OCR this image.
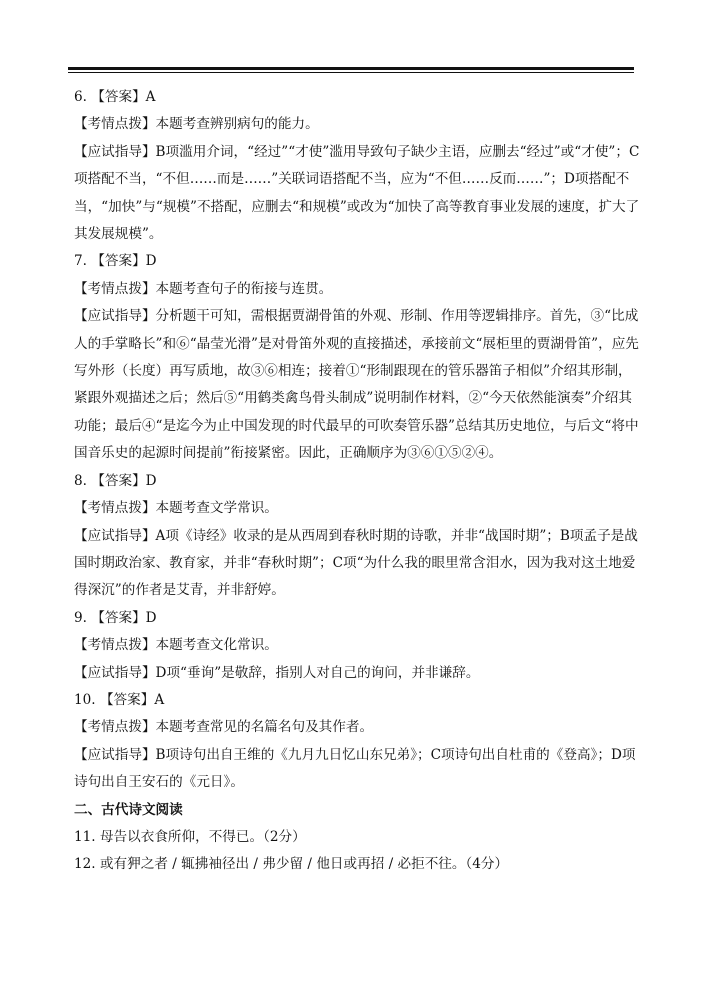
6. 【答案】A

【考情点拨】本题考查辨别病句的能力。

【应试指导】B项滥用介词，“经过”“才使”滥用导致句子缺少主语，应删去“经过”或“才使”；C项搭配不当，“不但……而是……”关联词语搭配不当，应为“不但……反而……”；D项搭配不当，“加快”与“规模”不搭配，应删去“和规模”或改为“加快了高等教育事业发展的速度，扩大了其发展规模”。

7. 【答案】D

【考情点拨】本题考查句子的衔接与连贯。

【应试指导】分析题干可知，需根据贾湖骨笛的外观、形制、作用等逻辑排序。首先，③“比成人的手掌略长”和⑥“晶莹光滑”是对骨笛外观的直接描述，承接前文“展柜里的贾湖骨笛”，应先写外形（长度）再写质地，故③⑥相连；接着①“形制跟现在的管乐器笛子相似”介绍其形制，紧跟外观描述之后；然后⑤“用鹤类禽鸟骨头制成”说明制作材料，②“今天依然能演奏”介绍其功能；最后④“是迄今为止中国发现的时代最早的可吹奏管乐器”总结其历史地位，与后文“将中国音乐史的起源时间提前”衔接紧密。因此，正确顺序为③⑥①⑤②④。

8. 【答案】D

【考情点拨】本题考查文学常识。

【应试指导】A项《诗经》收录的是从西周到春秋时期的诗歌，并非“战国时期”；B项孟子是战国时期政治家、教育家，并非“春秋时期”；C项“为什么我的眼里常含泪水，因为我对这土地爱得深沉”的作者是艾青，并非舒婷。

9. 【答案】D

【考情点拨】本题考查文化常识。

【应试指导】D项“垂询”是敬辞，指别人对自己的询问，并非谦辞。

10. 【答案】A

【考情点拨】本题考查常见的名篇名句及其作者。

【应试指导】B项诗句出自王维的《九月九日忆山东兄弟》；C项诗句出自杜甫的《登高》；D项诗句出自王安石的《元日》。

二、古代诗文阅读

11. 母告以衣食所仰，不得已。（2分）

12. 或有狎之者 / 辄拂袖径出 / 弗少留 / 他日或再招 / 必拒不往。（4分）
